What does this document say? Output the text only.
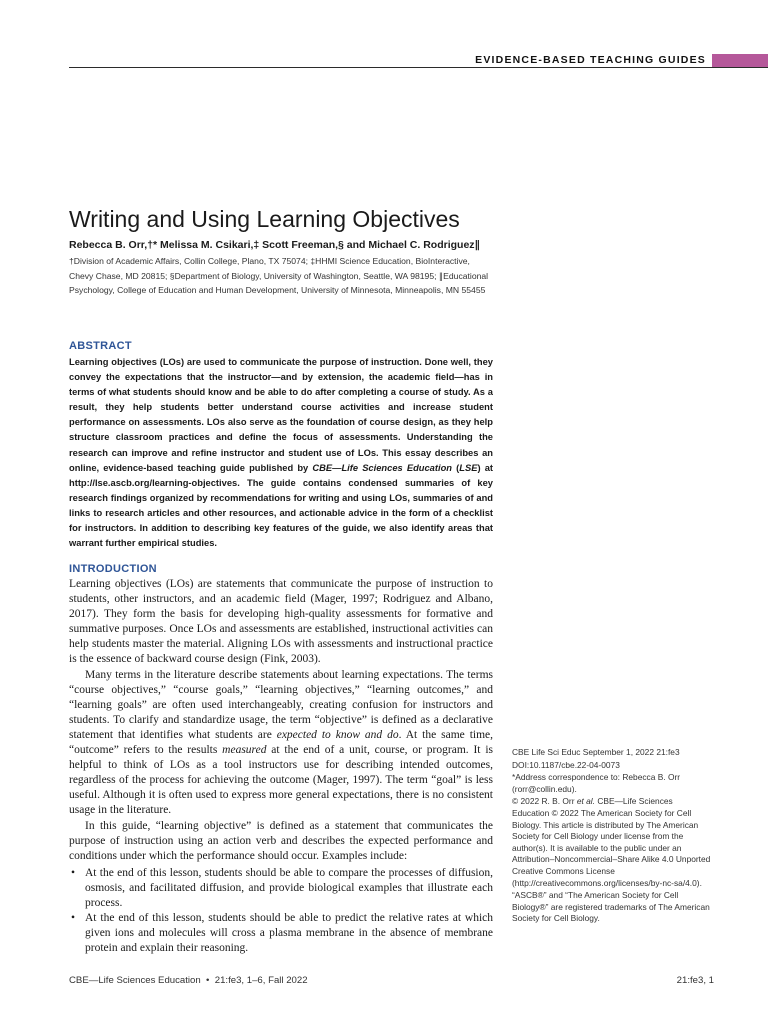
EVIDENCE-BASED TEACHING GUIDES
Writing and Using Learning Objectives
Rebecca B. Orr,†* Melissa M. Csikari,‡ Scott Freeman,§ and Michael C. Rodriguez∥
†Division of Academic Affairs, Collin College, Plano, TX 75074; ‡HHMI Science Education, BioInteractive, Chevy Chase, MD 20815; §Department of Biology, University of Washington, Seattle, WA 98195; ∥Educational Psychology, College of Education and Human Development, University of Minnesota, Minneapolis, MN 55455
ABSTRACT

Learning objectives (LOs) are used to communicate the purpose of instruction. Done well, they convey the expectations that the instructor—and by extension, the academic field—has in terms of what students should know and be able to do after completing a course of study. As a result, they help students better understand course activities and increase student performance on assessments. LOs also serve as the foundation of course design, as they help structure classroom practices and define the focus of assessments. Understanding the research can improve and refine instructor and student use of LOs. This essay describes an online, evidence-based teaching guide published by CBE—Life Sciences Education (LSE) at http://lse.ascb.org/learning-objectives. The guide contains condensed summaries of key research findings organized by recommendations for writing and using LOs, summaries of and links to research articles and other resources, and actionable advice in the form of a checklist for instructors. In addition to describing key features of the guide, we also identify areas that warrant further empirical studies.

INTRODUCTION

Learning objectives (LOs) are statements that communicate the purpose of instruction to students, other instructors, and an academic field (Mager, 1997; Rodriguez and Albano, 2017). They form the basis for developing high-quality assessments for formative and summative purposes. Once LOs and assessments are established, instructional activities can help students master the material. Aligning LOs with assessments and instructional practice is the essence of backward course design (Fink, 2003).

Many terms in the literature describe statements about learning expectations. The terms “course objectives,” “course goals,” “learning objectives,” “learning outcomes,” and “learning goals” are often used interchangeably, creating confusion for instructors and students. To clarify and standardize usage, the term “objective” is defined as a declarative statement that identifies what students are expected to know and do. At the same time, “outcome” refers to the results measured at the end of a unit, course, or program. It is helpful to think of LOs as a tool instructors use for describing intended outcomes, regardless of the process for achieving the outcome (Mager, 1997). The term “goal” is less useful. Although it is often used to express more general expectations, there is no consistent usage in the literature.

In this guide, “learning objective” is defined as a statement that communicates the purpose of instruction using an action verb and describes the expected performance and conditions under which the performance should occur. Examples include:

• At the end of this lesson, students should be able to compare the processes of diffusion, osmosis, and facilitated diffusion, and provide biological examples that illustrate each process.
• At the end of this lesson, students should be able to predict the relative rates at which given ions and molecules will cross a plasma membrane in the absence of membrane protein and explain their reasoning.

CBE Life Sci Educ September 1, 2022 21:fe3

DOI:10.1187/cbe.22-04-0073

*Address correspondence to: Rebecca B. Orr (rorr@collin.edu).

© 2022 R. B. Orr et al. CBE—Life Sciences Education © 2022 The American Society for Cell Biology. This article is distributed by The American Society for Cell Biology under license from the author(s). It is available to the public under an Attribution–Noncommercial–Share Alike 4.0 Unported Creative Commons License (http://creativecommons.org/licenses/by-nc-sa/4.0).

“ASCB®” and “The American Society for Cell Biology®” are registered trademarks of The American Society for Cell Biology.

CBE—Life Sciences Education  •  21:fe3, 1–6, Fall 2022	21:fe3, 1
